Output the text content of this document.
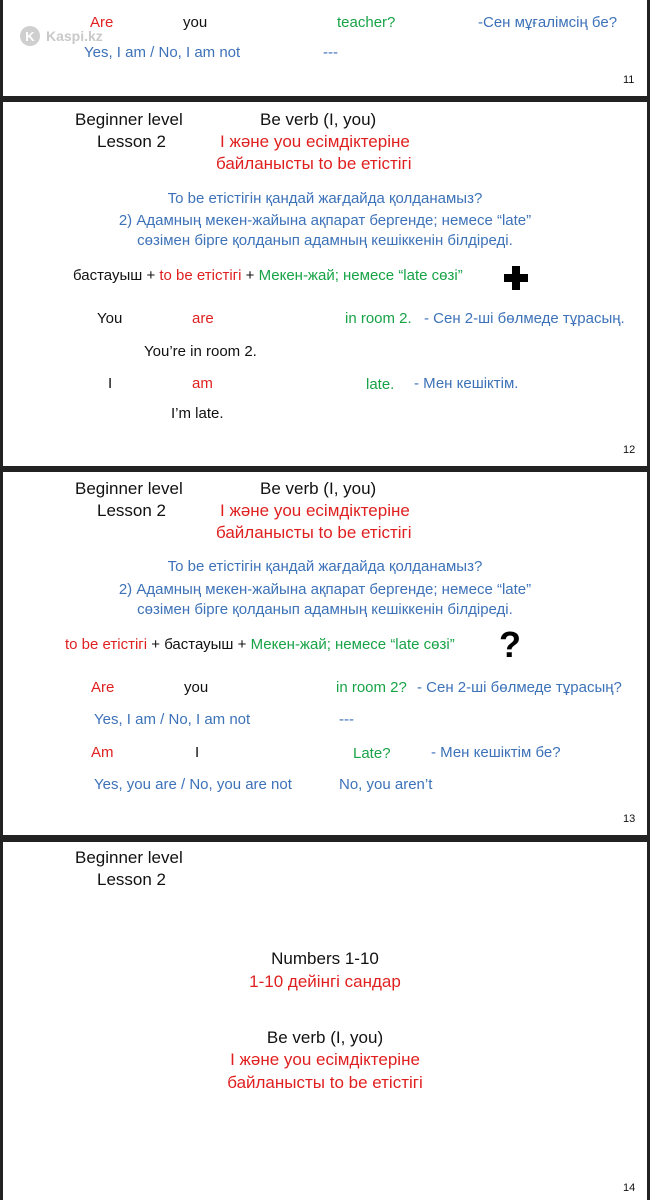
K Kaspi.kz
Are	you	teacher?	-Сен мұғалімсің бе?
Yes, I am / No, I am not	---
11
Beginner level
Lesson 2
Be verb (I, you)
I және you есімдіктеріне
байланысты to be етістігі
To be етістігін қандай жағдайда қолданамыз?
2) Адамның мекен-жайына ақпарат бергенде; немесе “late”
сөзімен бірге қолданып адамның кешіккенін білдіреді.
бастауыш + to be етістігі + Мекен-жай; немесе “late сөзі”
You	are	in room 2. - Сен 2-ші бөлмеде тұрасың.
You’re in room 2.
I	am	late. - Мен кешіктім.
I’m late.
12
Beginner level
Lesson 2
Be verb (I, you)
I және you есімдіктеріне
байланысты to be етістігі
To be етістігін қандай жағдайда қолданамыз?
2) Адамның мекен-жайына ақпарат бергенде; немесе “late”
сөзімен бірге қолданып адамның кешіккенін білдіреді.
to be етістігі + бастауыш + Мекен-жай; немесе “late сөзі” ?
Are	you	in room 2? - Сен 2-ші бөлмеде тұрасың?
Yes, I am / No, I am not	---
Am	I	Late?	- Мен кешіктім бе?
Yes, you are / No, you are not	No, you aren’t
13
Beginner level
Lesson 2
Numbers 1-10
1-10 дейінгі сандар
Be verb (I, you)
I және you есімдіктеріне
байланысты to be етістігі
14
